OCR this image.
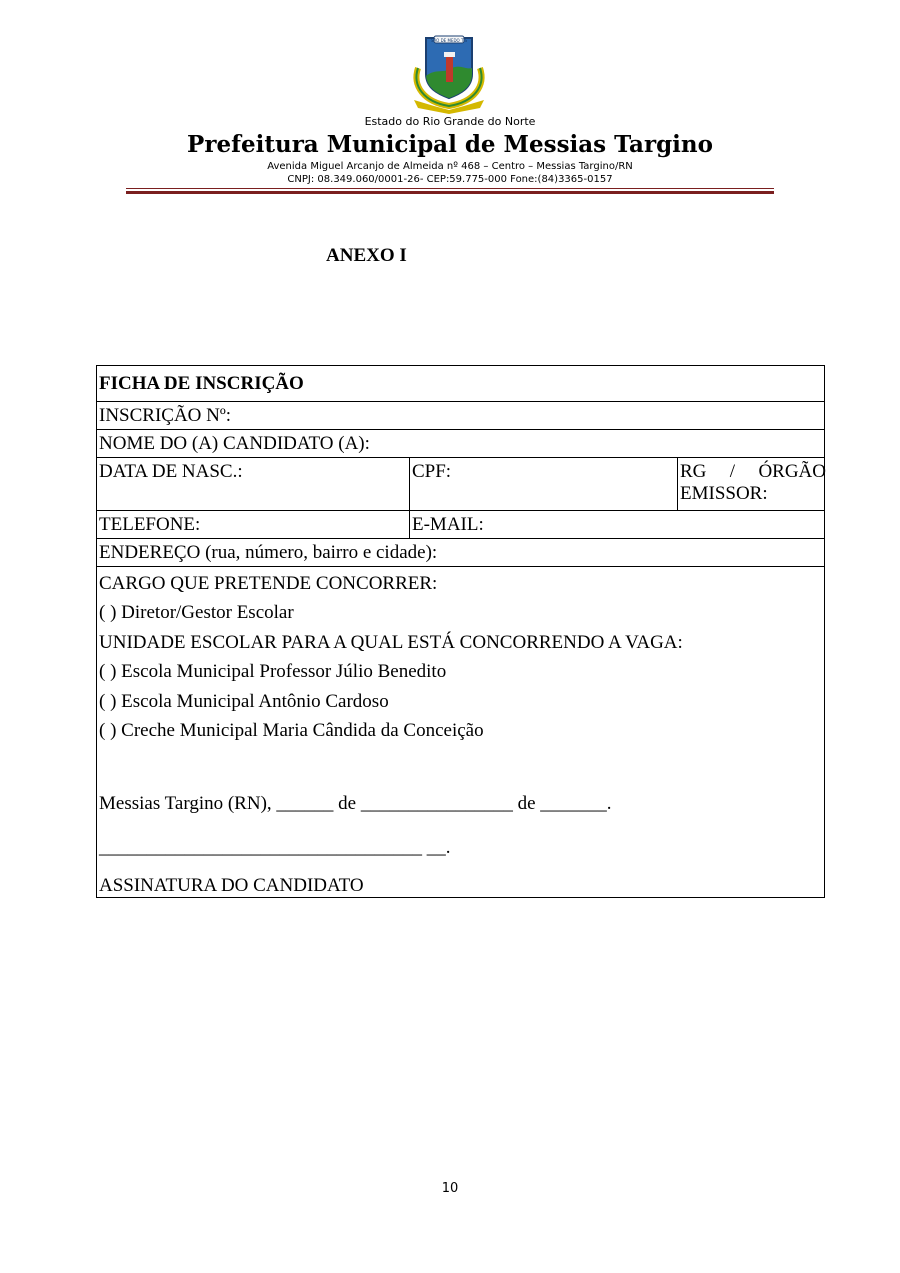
SÃO DE MEDO TIS
Estado do Rio Grande do Norte
Prefeitura Municipal de Messias Targino
Avenida Miguel Arcanjo de Almeida nº 468 – Centro – Messias Targino/RN
CNPJ: 08.349.060/0001-26- CEP:59.775-000 Fone:(84)3365-0157
ANEXO I
FICHA DE INSCRIÇÃO
INSCRIÇÃO Nº:
NOME DO (A) CANDIDATO (A):
DATA DE NASC.:	CPF:	RG / ÓRGÃO
EMISSOR:
TELEFONE:	E-MAIL:
ENDEREÇO (rua, número, bairro e cidade):
CARGO QUE PRETENDE CONCORRER:
( ) Diretor/Gestor Escolar
UNIDADE ESCOLAR PARA A QUAL ESTÁ CONCORRENDO A VAGA:
( ) Escola Municipal Professor Júlio Benedito
( ) Escola Municipal Antônio Cardoso
( ) Creche Municipal Maria Cândida da Conceição
Messias Targino (RN), ______ de ________________ de _______.
__________________________________ __.
ASSINATURA DO CANDIDATO
10
